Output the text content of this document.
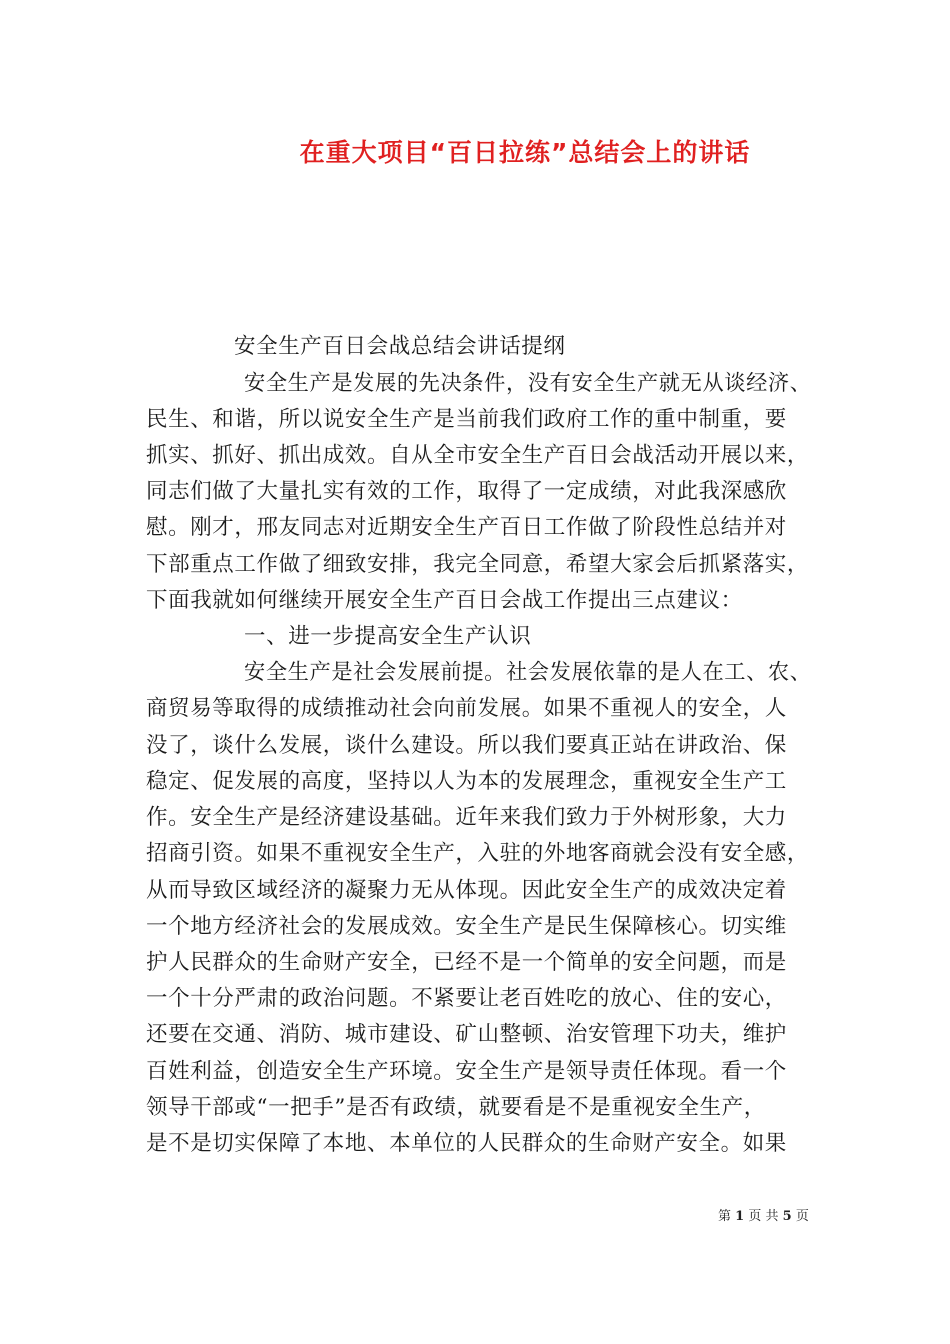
在重大项目“百日拉练”总结会上的讲话
安全生产百日会战总结会讲话提纲
安全生产是发展的先决条件，没有安全生产就无从谈经济、
民生、和谐，所以说安全生产是当前我们政府工作的重中制重，要
抓实、抓好、抓出成效。自从全市安全生产百日会战活动开展以来，
同志们做了大量扎实有效的工作，取得了一定成绩，对此我深感欣
慰。刚才，邢友同志对近期安全生产百日工作做了阶段性总结并对
下部重点工作做了细致安排，我完全同意，希望大家会后抓紧落实，
下面我就如何继续开展安全生产百日会战工作提出三点建议：
一、进一步提高安全生产认识
安全生产是社会发展前提。社会发展依靠的是人在工、农、
商贸易等取得的成绩推动社会向前发展。如果不重视人的安全，人
没了，谈什么发展，谈什么建设。所以我们要真正站在讲政治、保
稳定、促发展的高度，坚持以人为本的发展理念，重视安全生产工
作。安全生产是经济建设基础。近年来我们致力于外树形象，大力
招商引资。如果不重视安全生产，入驻的外地客商就会没有安全感，
从而导致区域经济的凝聚力无从体现。因此安全生产的成效决定着
一个地方经济社会的发展成效。安全生产是民生保障核心。切实维
护人民群众的生命财产安全，已经不是一个简单的安全问题，而是
一个十分严肃的政治问题。不紧要让老百姓吃的放心、住的安心，
还要在交通、消防、城市建设、矿山整顿、治安管理下功夫，维护
百姓利益，创造安全生产环境。安全生产是领导责任体现。看一个
领导干部或“一把手”是否有政绩，就要看是不是重视安全生产，
是不是切实保障了本地、本单位的人民群众的生命财产安全。如果
第 1 页 共 5 页
